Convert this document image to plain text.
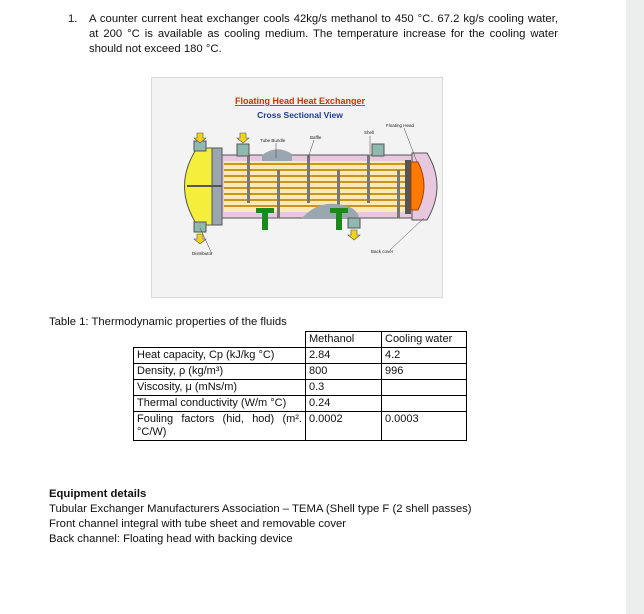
1. A counter current heat exchanger cools 42kg/s methanol to 450 °C. 67.2 kg/s cooling water, at 200 °C is available as cooling medium. The temperature increase for the cooling water should not exceed 180 °C.
Floating Head Heat Exchanger
Cross Sectional View
Tube Bundle
Baffle
Shell
Floating Head
Distributor	Back cover
Table 1: Thermodynamic properties of the fluids
	Methanol	Cooling water
Heat capacity, Cp (kJ/kg °C)	2.84	4.2
Density, ρ (kg/m³)	800	996
Viscosity, μ (mNs/m)	0.3	
Thermal conductivity (W/m °C)	0.24	
Fouling factors (hid, hod) (m².°C/W)	0.0002	0.0003
Equipment details
Tubular Exchanger Manufacturers Association – TEMA (Shell type F (2 shell passes)
Front channel integral with tube sheet and removable cover
Back channel: Floating head with backing device
